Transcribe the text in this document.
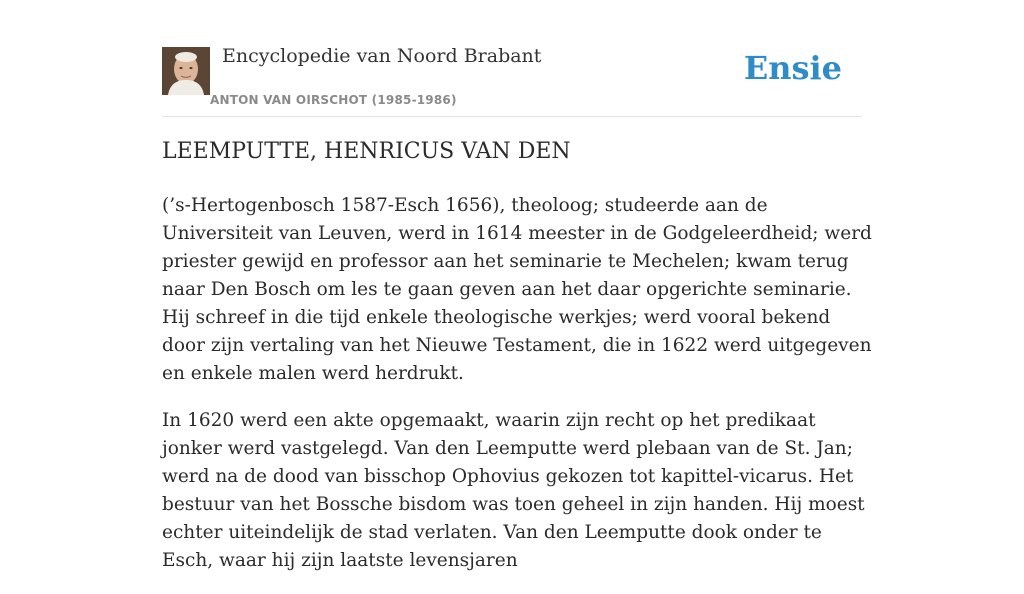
Encyclopedie van Noord Brabant
ANTON VAN OIRSCHOT (1985-1986)
Ensie
LEEMPUTTE, HENRICUS VAN DEN

(’s-Hertogenbosch 1587-Esch 1656), theoloog; studeerde aan de Universiteit van Leuven, werd in 1614 meester in de Godgeleerdheid; werd priester gewijd en professor aan het seminarie te Mechelen; kwam terug naar Den Bosch om les te gaan geven aan het daar opgerichte seminarie. Hij schreef in die tijd enkele theologische werkjes; werd vooral bekend door zijn vertaling van het Nieuwe Testament, die in 1622 werd uitgegeven en enkele malen werd herdrukt.

In 1620 werd een akte opgemaakt, waarin zijn recht op het predikaat jonker werd vastgelegd. Van den Leemputte werd plebaan van de St. Jan; werd na de dood van bisschop Ophovius gekozen tot kapittel-vicarus. Het bestuur van het Bossche bisdom was toen geheel in zijn handen. Hij moest echter uiteindelijk de stad verlaten. Van den Leemputte dook onder te Esch, waar hij zijn laatste levensjaren
